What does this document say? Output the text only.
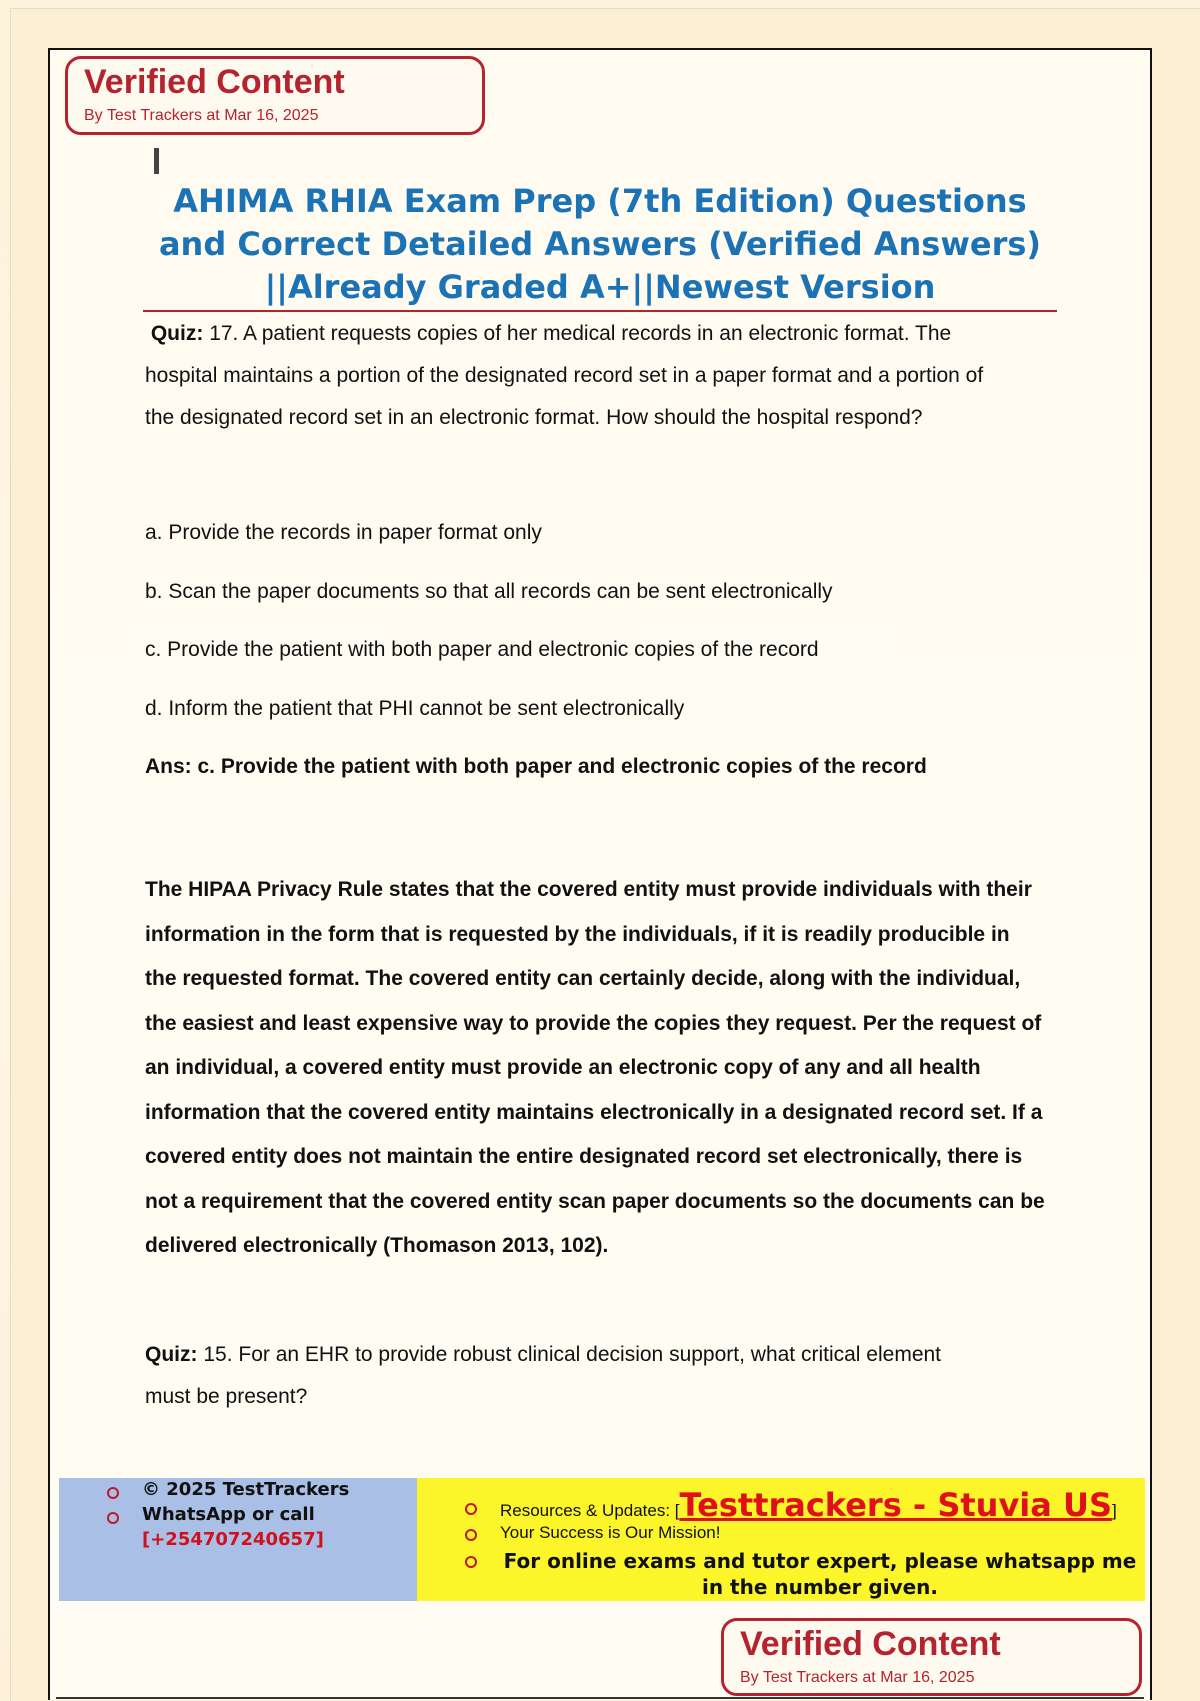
Verified Content
By Test Trackers at Mar 16, 2025
AHIMA RHIA Exam Prep (7th Edition) Questions and Correct Detailed Answers (Verified Answers) ||Already Graded A+||Newest Version
Quiz: 17. A patient requests copies of her medical records in an electronic format. The
hospital maintains a portion of the designated record set in a paper format and a portion of
the designated record set in an electronic format. How should the hospital respond?
a. Provide the records in paper format only
b. Scan the paper documents so that all records can be sent electronically
c. Provide the patient with both paper and electronic copies of the record
d. Inform the patient that PHI cannot be sent electronically
Ans: c. Provide the patient with both paper and electronic copies of the record
The HIPAA Privacy Rule states that the covered entity must provide individuals with their
information in the form that is requested by the individuals, if it is readily producible in
the requested format. The covered entity can certainly decide, along with the individual,
the easiest and least expensive way to provide the copies they request. Per the request of
an individual, a covered entity must provide an electronic copy of any and all health
information that the covered entity maintains electronically in a designated record set. If a
covered entity does not maintain the entire designated record set electronically, there is
not a requirement that the covered entity scan paper documents so the documents can be
delivered electronically (Thomason 2013, 102).
Quiz: 15. For an EHR to provide robust clinical decision support, what critical element
must be present?
© 2025 TestTrackers
WhatsApp or call
[+254707240657]
Resources & Updates: [Testtrackers - Stuvia US]
Your Success is Our Mission!
For online exams and tutor expert, please whatsapp me in the number given.
Verified Content
By Test Trackers at Mar 16, 2025
